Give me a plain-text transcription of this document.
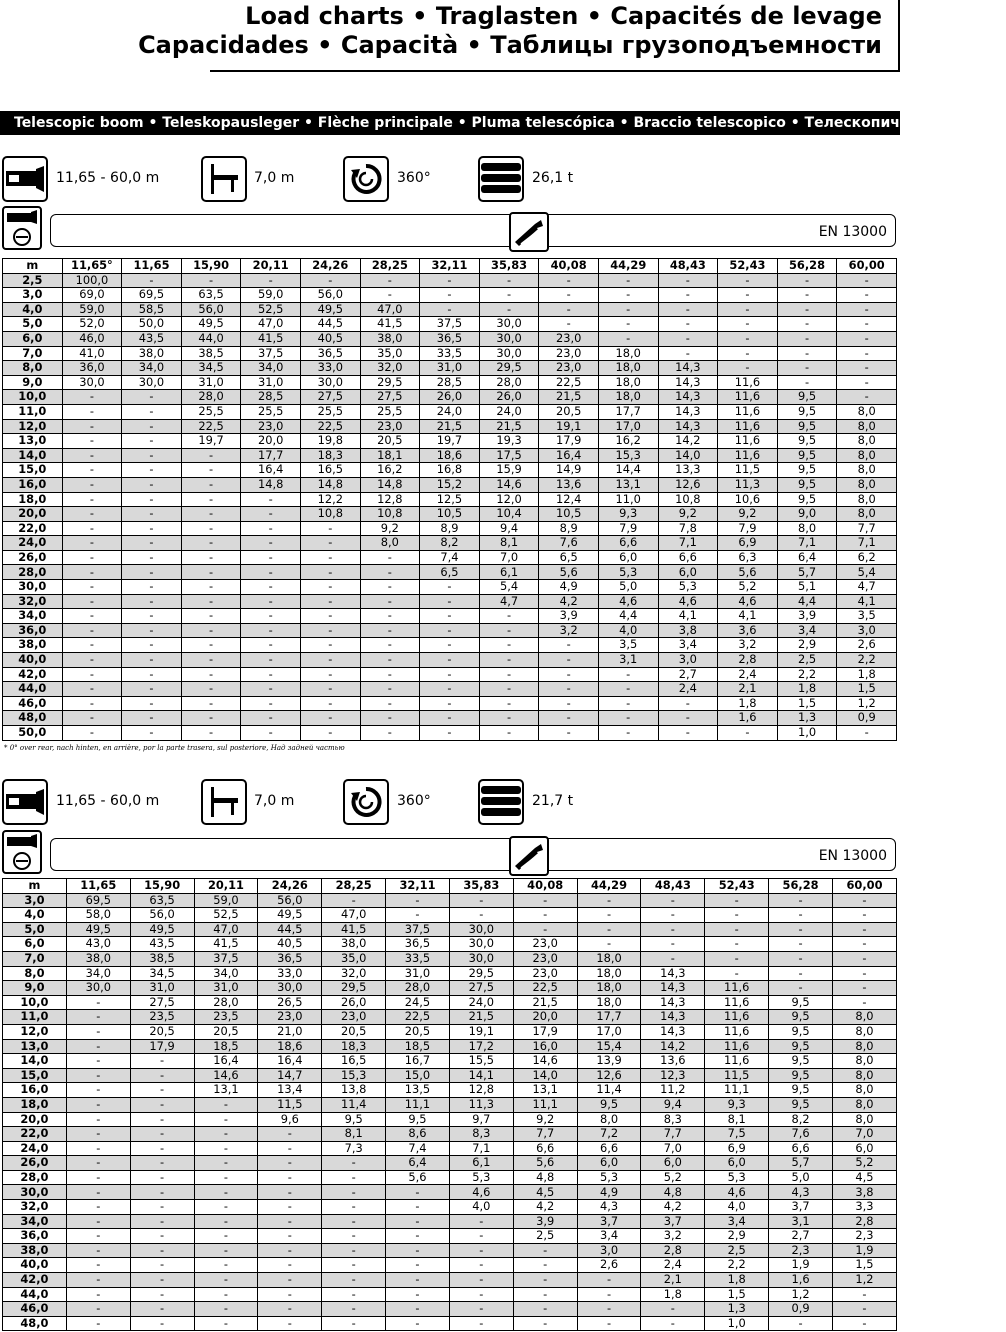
Load charts • Traglasten • Capacités de levage
Capacidades • Capacità • Таблицы грузоподъемности
Telescopic boom • Teleskopausleger • Flèche principale • Pluma telescópica • Braccio telescopico • Телескопическая стрела
11,65 - 60,0 m	7,0 m	360°	26,1 t
EN 13000
m	11,65°	11,65	15,90	20,11	24,26	28,25	32,11	35,83	40,08	44,29	48,43	52,43	56,28	60,00
2,5	100,0	-	-	-	-	-	-	-	-	-	-	-	-	-
3,0	69,0	69,5	63,5	59,0	56,0	-	-	-	-	-	-	-	-	-
4,0	59,0	58,5	56,0	52,5	49,5	47,0	-	-	-	-	-	-	-	-
5,0	52,0	50,0	49,5	47,0	44,5	41,5	37,5	30,0	-	-	-	-	-	-
6,0	46,0	43,5	44,0	41,5	40,5	38,0	36,5	30,0	23,0	-	-	-	-	-
7,0	41,0	38,0	38,5	37,5	36,5	35,0	33,5	30,0	23,0	18,0	-	-	-	-
8,0	36,0	34,0	34,5	34,0	33,0	32,0	31,0	29,5	23,0	18,0	14,3	-	-	-
9,0	30,0	30,0	31,0	31,0	30,0	29,5	28,5	28,0	22,5	18,0	14,3	11,6	-	-
10,0	-	-	28,0	28,5	27,5	27,5	26,0	26,0	21,5	18,0	14,3	11,6	9,5	-
11,0	-	-	25,5	25,5	25,5	25,5	24,0	24,0	20,5	17,7	14,3	11,6	9,5	8,0
12,0	-	-	22,5	23,0	22,5	23,0	21,5	21,5	19,1	17,0	14,3	11,6	9,5	8,0
13,0	-	-	19,7	20,0	19,8	20,5	19,7	19,3	17,9	16,2	14,2	11,6	9,5	8,0
14,0	-	-	-	17,7	18,3	18,1	18,6	17,5	16,4	15,3	14,0	11,6	9,5	8,0
15,0	-	-	-	16,4	16,5	16,2	16,8	15,9	14,9	14,4	13,3	11,5	9,5	8,0
16,0	-	-	-	14,8	14,8	14,8	15,2	14,6	13,6	13,1	12,6	11,3	9,5	8,0
18,0	-	-	-	-	12,2	12,8	12,5	12,0	12,4	11,0	10,8	10,6	9,5	8,0
20,0	-	-	-	-	10,8	10,8	10,5	10,4	10,5	9,3	9,2	9,2	9,0	8,0
22,0	-	-	-	-	-	9,2	8,9	9,4	8,9	7,9	7,8	7,9	8,0	7,7
24,0	-	-	-	-	-	8,0	8,2	8,1	7,6	6,6	7,1	6,9	7,1	7,1
26,0	-	-	-	-	-	-	7,4	7,0	6,5	6,0	6,6	6,3	6,4	6,2
28,0	-	-	-	-	-	-	6,5	6,1	5,6	5,3	6,0	5,6	5,7	5,4
30,0	-	-	-	-	-	-	-	5,4	4,9	5,0	5,3	5,2	5,1	4,7
32,0	-	-	-	-	-	-	-	4,7	4,2	4,6	4,6	4,6	4,4	4,1
34,0	-	-	-	-	-	-	-	-	3,9	4,4	4,1	4,1	3,9	3,5
36,0	-	-	-	-	-	-	-	-	3,2	4,0	3,8	3,6	3,4	3,0
38,0	-	-	-	-	-	-	-	-	-	3,5	3,4	3,2	2,9	2,6
40,0	-	-	-	-	-	-	-	-	-	3,1	3,0	2,8	2,5	2,2
42,0	-	-	-	-	-	-	-	-	-	-	2,7	2,4	2,2	1,8
44,0	-	-	-	-	-	-	-	-	-	-	2,4	2,1	1,8	1,5
46,0	-	-	-	-	-	-	-	-	-	-	-	1,8	1,5	1,2
48,0	-	-	-	-	-	-	-	-	-	-	-	1,6	1,3	0,9
50,0	-	-	-	-	-	-	-	-	-	-	-	-	1,0	-
* 0° over rear, nach hinten, en arrière, por la parte trasera, sul posteriore, Над задней частью
11,65 - 60,0 m	7,0 m	360°	21,7 t
EN 13000
m	11,65	15,90	20,11	24,26	28,25	32,11	35,83	40,08	44,29	48,43	52,43	56,28	60,00
3,0	69,5	63,5	59,0	56,0	-	-	-	-	-	-	-	-	-
4,0	58,0	56,0	52,5	49,5	47,0	-	-	-	-	-	-	-	-
5,0	49,5	49,5	47,0	44,5	41,5	37,5	30,0	-	-	-	-	-	-
6,0	43,0	43,5	41,5	40,5	38,0	36,5	30,0	23,0	-	-	-	-	-
7,0	38,0	38,5	37,5	36,5	35,0	33,5	30,0	23,0	18,0	-	-	-	-
8,0	34,0	34,5	34,0	33,0	32,0	31,0	29,5	23,0	18,0	14,3	-	-	-
9,0	30,0	31,0	31,0	30,0	29,5	28,0	27,5	22,5	18,0	14,3	11,6	-	-
10,0	-	27,5	28,0	26,5	26,0	24,5	24,0	21,5	18,0	14,3	11,6	9,5	-
11,0	-	23,5	23,5	23,0	23,0	22,5	21,5	20,0	17,7	14,3	11,6	9,5	8,0
12,0	-	20,5	20,5	21,0	20,5	20,5	19,1	17,9	17,0	14,3	11,6	9,5	8,0
13,0	-	17,9	18,5	18,6	18,3	18,5	17,2	16,0	15,4	14,2	11,6	9,5	8,0
14,0	-	-	16,4	16,4	16,5	16,7	15,5	14,6	13,9	13,6	11,6	9,5	8,0
15,0	-	-	14,6	14,7	15,3	15,0	14,1	14,0	12,6	12,3	11,5	9,5	8,0
16,0	-	-	13,1	13,4	13,8	13,5	12,8	13,1	11,4	11,2	11,1	9,5	8,0
18,0	-	-	-	11,5	11,4	11,1	11,3	11,1	9,5	9,4	9,3	9,5	8,0
20,0	-	-	-	9,6	9,5	9,5	9,7	9,2	8,0	8,3	8,1	8,2	8,0
22,0	-	-	-	-	8,1	8,6	8,3	7,7	7,2	7,7	7,5	7,6	7,0
24,0	-	-	-	-	7,3	7,4	7,1	6,6	6,6	7,0	6,9	6,6	6,0
26,0	-	-	-	-	-	6,4	6,1	5,6	6,0	6,0	6,0	5,7	5,2
28,0	-	-	-	-	-	5,6	5,3	4,8	5,3	5,2	5,3	5,0	4,5
30,0	-	-	-	-	-	-	4,6	4,5	4,9	4,8	4,6	4,3	3,8
32,0	-	-	-	-	-	-	4,0	4,2	4,3	4,2	4,0	3,7	3,3
34,0	-	-	-	-	-	-	-	3,9	3,7	3,7	3,4	3,1	2,8
36,0	-	-	-	-	-	-	-	2,5	3,4	3,2	2,9	2,7	2,3
38,0	-	-	-	-	-	-	-	-	3,0	2,8	2,5	2,3	1,9
40,0	-	-	-	-	-	-	-	-	2,6	2,4	2,2	1,9	1,5
42,0	-	-	-	-	-	-	-	-	-	2,1	1,8	1,6	1,2
44,0	-	-	-	-	-	-	-	-	-	1,8	1,5	1,2	-
46,0	-	-	-	-	-	-	-	-	-	-	1,3	0,9	-
48,0	-	-	-	-	-	-	-	-	-	-	1,0	-	-
